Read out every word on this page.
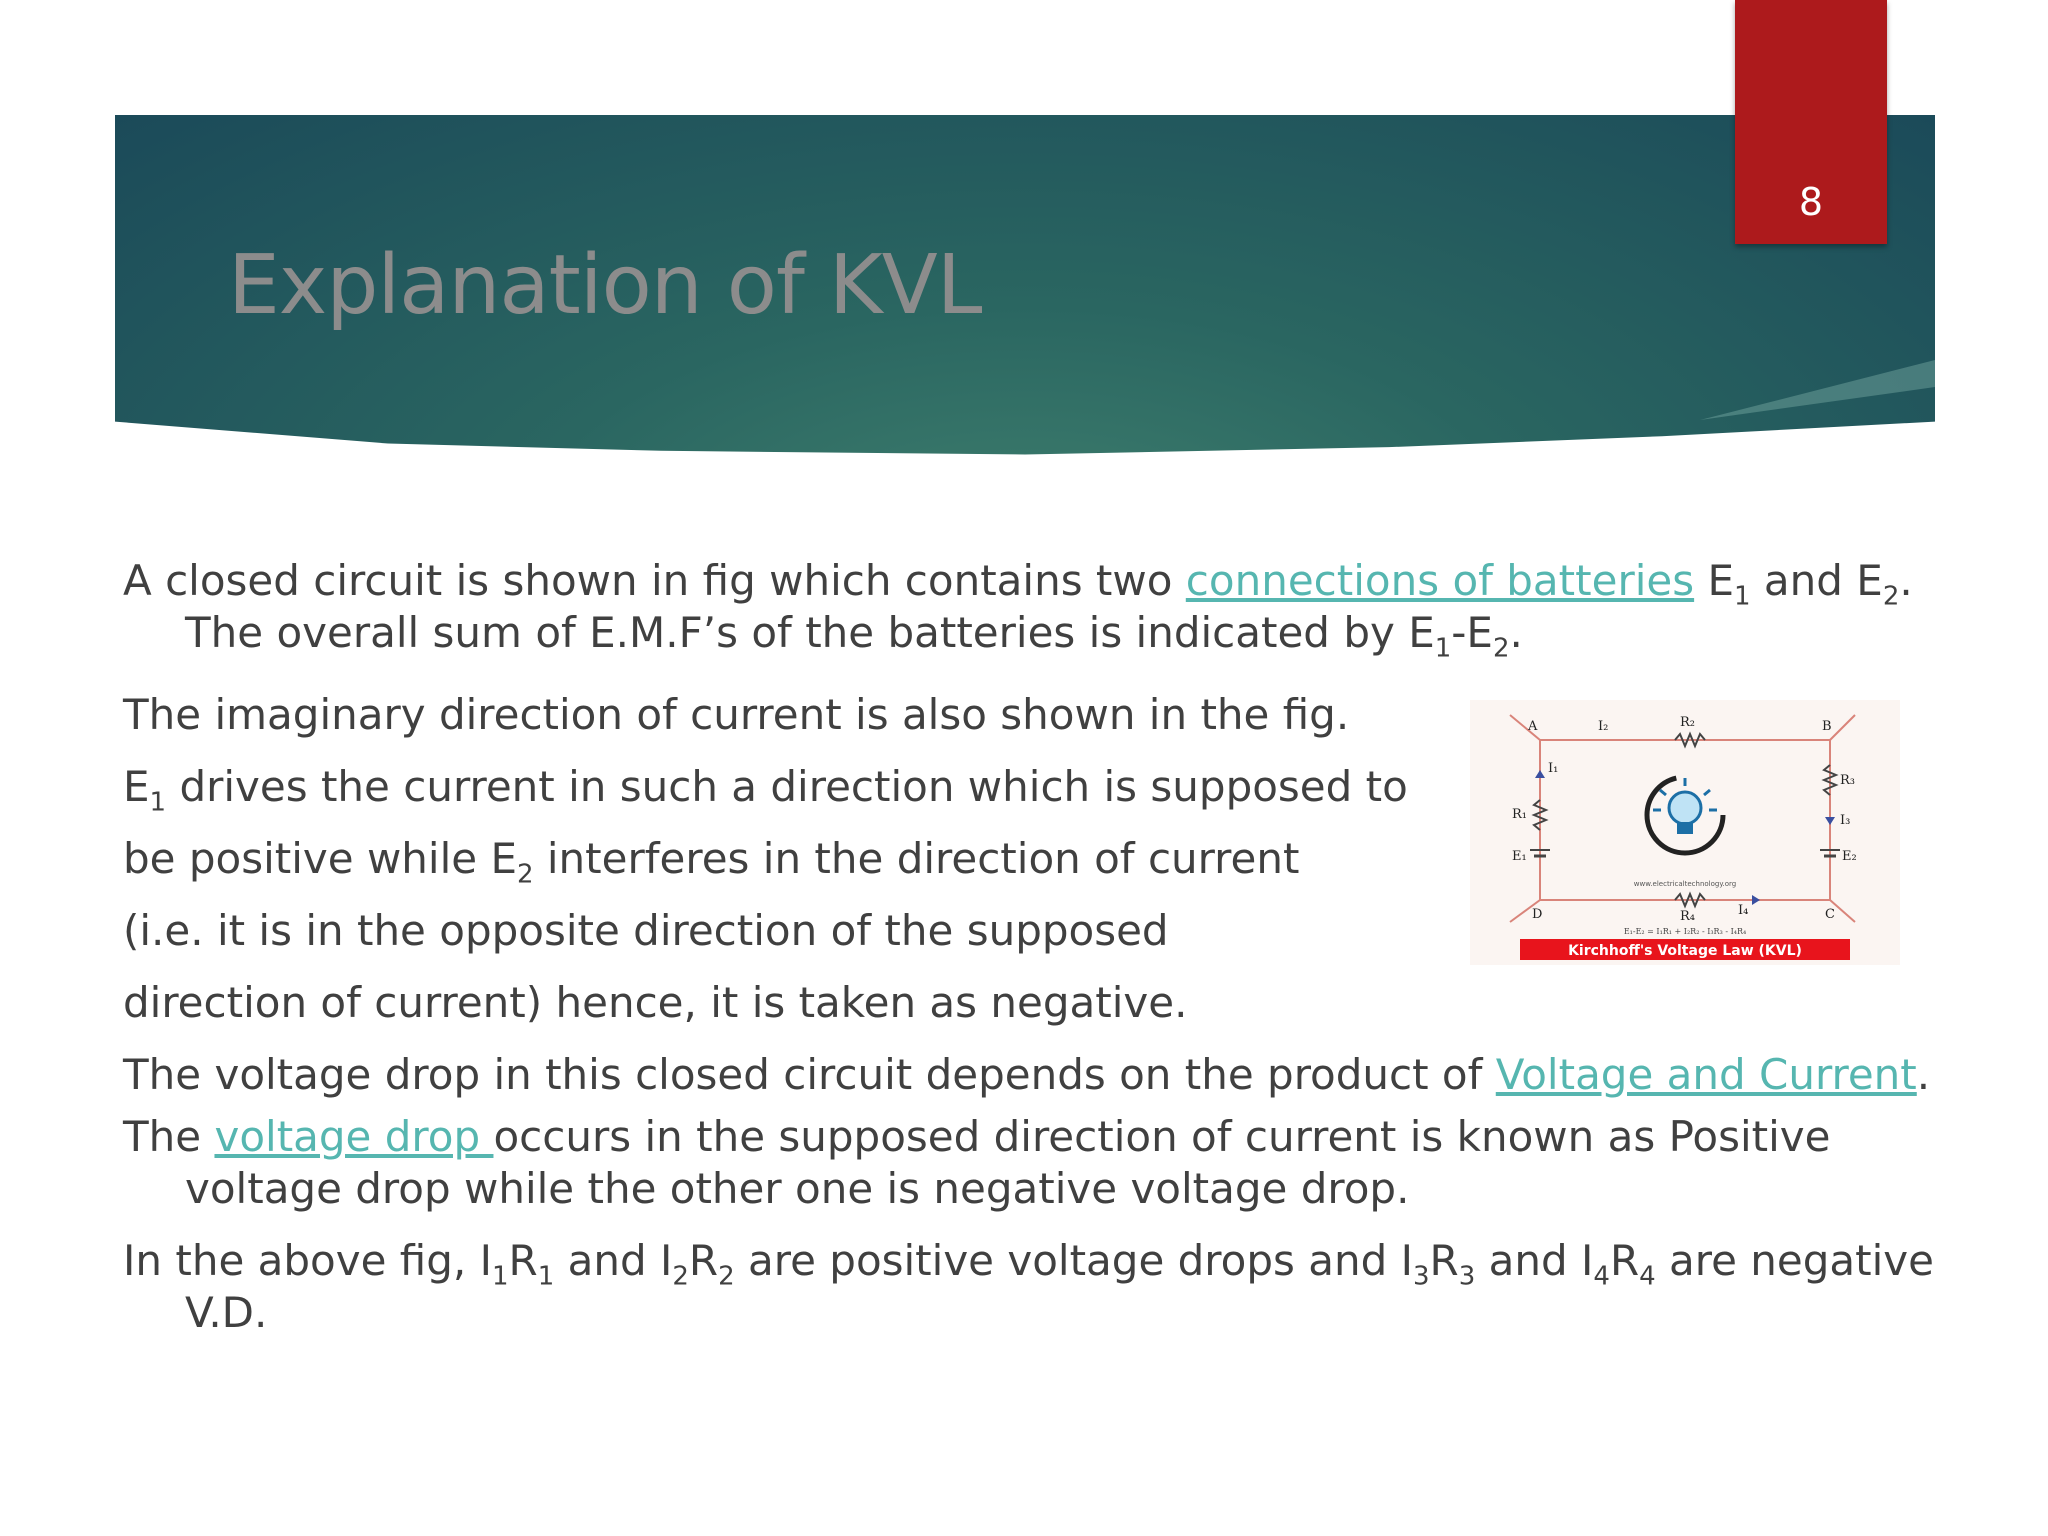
8
Explanation of KVL

A closed circuit is shown in fig which contains two connections of batteries $E_1$ and $E_2$. The overall sum of E.M.F’s of the batteries is indicated by $E_1-E_2$.

The imaginary direction of current is also shown in the fig.

$E_1$ drives the current in such a direction which is supposed to

be positive while $E_2$ interferes in the direction of current

(i.e. it is in the opposite direction of the supposed

direction of current) hence, it is taken as negative.

The voltage drop in this closed circuit depends on the product of Voltage and Current.

The voltage drop occurs in the supposed direction of current is known as Positive voltage drop while the other one is negative voltage drop.

In the above fig, $I_1R_1$ and $I_2R_2$ are positive voltage drops and $I_3R_3$ and $I_4R_4$ are negative V.D.

A	B
C
D
I₂	R₂
I₁
R₁
E₁
R₃
I₃
E₂
R₄	I₄
www.electricaltechnology.org
E₁-E₂ = I₁R₁ + I₂R₂ - I₃R₃ - I₄R₄
Kirchhoff's Voltage Law (KVL)
